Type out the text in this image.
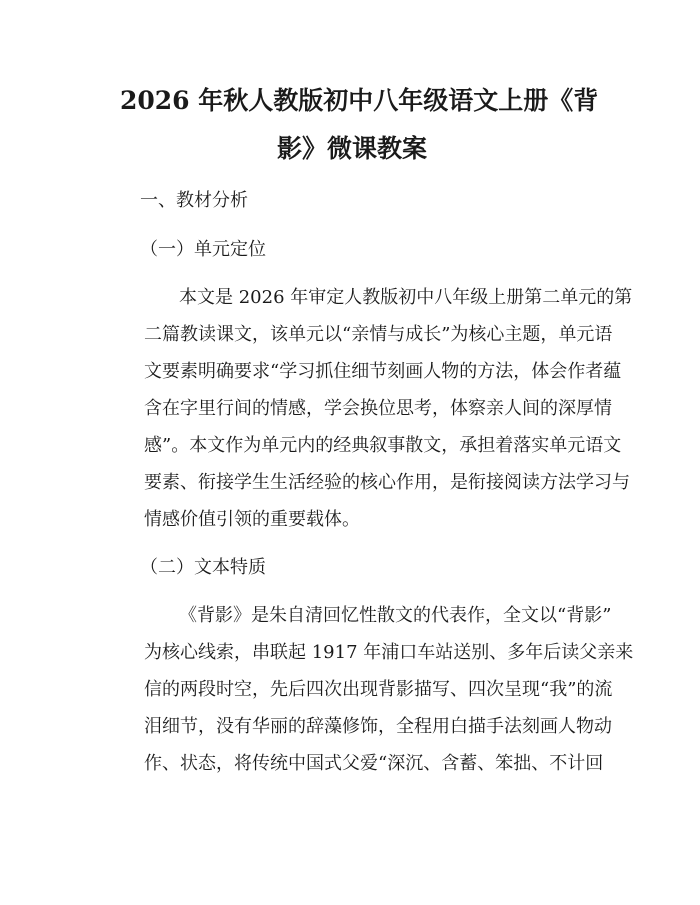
2026 年秋人教版初中八年级语文上册《背
影》微课教案
一、教材分析
（一）单元定位
本文是 2026 年审定人教版初中八年级上册第二单元的第
二篇教读课文，该单元以“亲情与成长”为核心主题，单元语
文要素明确要求“学习抓住细节刻画人物的方法，体会作者蕴
含在字里行间的情感，学会换位思考，体察亲人间的深厚情
感”。本文作为单元内的经典叙事散文，承担着落实单元语文
要素、衔接学生生活经验的核心作用，是衔接阅读方法学习与
情感价值引领的重要载体。
（二）文本特质
《背影》是朱自清回忆性散文的代表作，全文以“背影”
为核心线索，串联起 1917 年浦口车站送别、多年后读父亲来
信的两段时空，先后四次出现背影描写、四次呈现“我”的流
泪细节，没有华丽的辞藻修饰，全程用白描手法刻画人物动
作、状态，将传统中国式父爱“深沉、含蓄、笨拙、不计回
